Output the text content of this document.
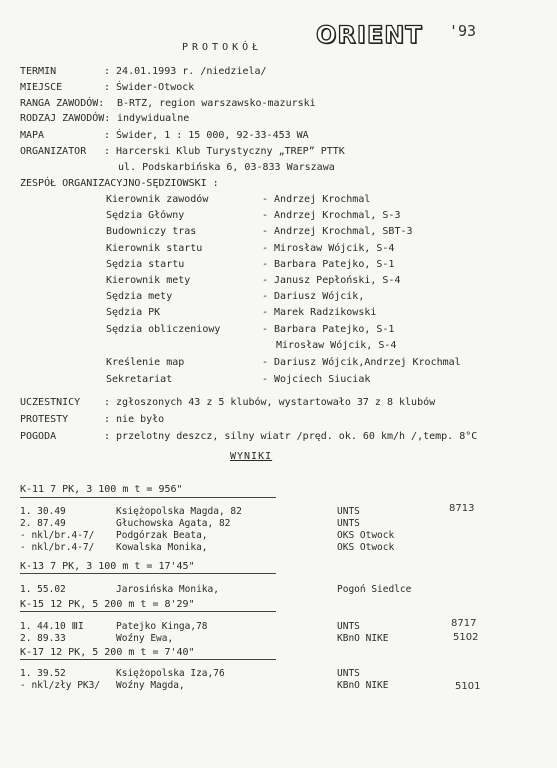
PROTOKÓŁ ORIENT '93
TERMIN	: 24.01.1993 r. /niedziela/
MIEJSCE	: Świder-Otwock
RANGA ZAWODÓW: B-RTZ, region warszawsko-mazurski
RODZAJ ZAWODÓW: indywidualne
MAPA	: Świder, 1 : 15 000, 92-33-453 WA
ORGANIZATOR : Harcerski Klub Turystyczny „TREP” PTTK
ul. Podskarbińska 6, 03-833 Warszawa
ZESPÓŁ ORGANIZACYJNO-SĘDZIOWSKI :
Kierownik zawodów	- Andrzej Krochmal
Sędzia Główny	- Andrzej Krochmal, S-3
Budowniczy tras	- Andrzej Krochmal, SBT-3
Kierownik startu	- Mirosław Wójcik, S-4
Sędzia startu	- Barbara Patejko, S-1
Kierownik mety	- Janusz Pepłoński, S-4
Sędzia mety	- Dariusz Wójcik,
Sędzia PK	- Marek Radzikowski
Sędzia obliczeniowy	- Barbara Patejko, S-1
Mirosław Wójcik, S-4
Kreślenie map	- Dariusz Wójcik,Andrzej Krochmal
Sekretariat	- Wojciech Siuciak
UCZESTNICY : zgłoszonych 43 z 5 klubów, wystartowało 37 z 8 klubów
PROTESTY	: nie było
POGODA	: przelotny deszcz, silny wiatr /pręd. ok. 60 km/h /,temp. 8°C
WYNIKI
K-11 7 PK, 3 100 m t = 956"
1. 30.49	Księżopolska Magda, 82	UNTS	8713
2. 87.49	Głuchowska Agata, 82	UNTS
- nkl/br.4-7/ Podgórzak Beata,	OKS Otwock
- nkl/br.4-7/ Kowalska Monika,	OKS Otwock
K-13 7 PK, 3 100 m t = 17'45"
1. 55.02	Jarosińska Monika,	Pogoń Siedlce
K-15 12 PK, 5 200 m t = 8'29"
1. 44.10 ⅢI	Patejko Kinga,78	UNTS	8717
2. 89.33	Woźny Ewa,	KBnO NIKE	5102
K-17 12 PK, 5 200 m t = 7'40"
1. 39.52	Księżopolska Iza,76	UNTS
- nkl/zły PK3/ Woźny Magda,	KBnO NIKE	5101
